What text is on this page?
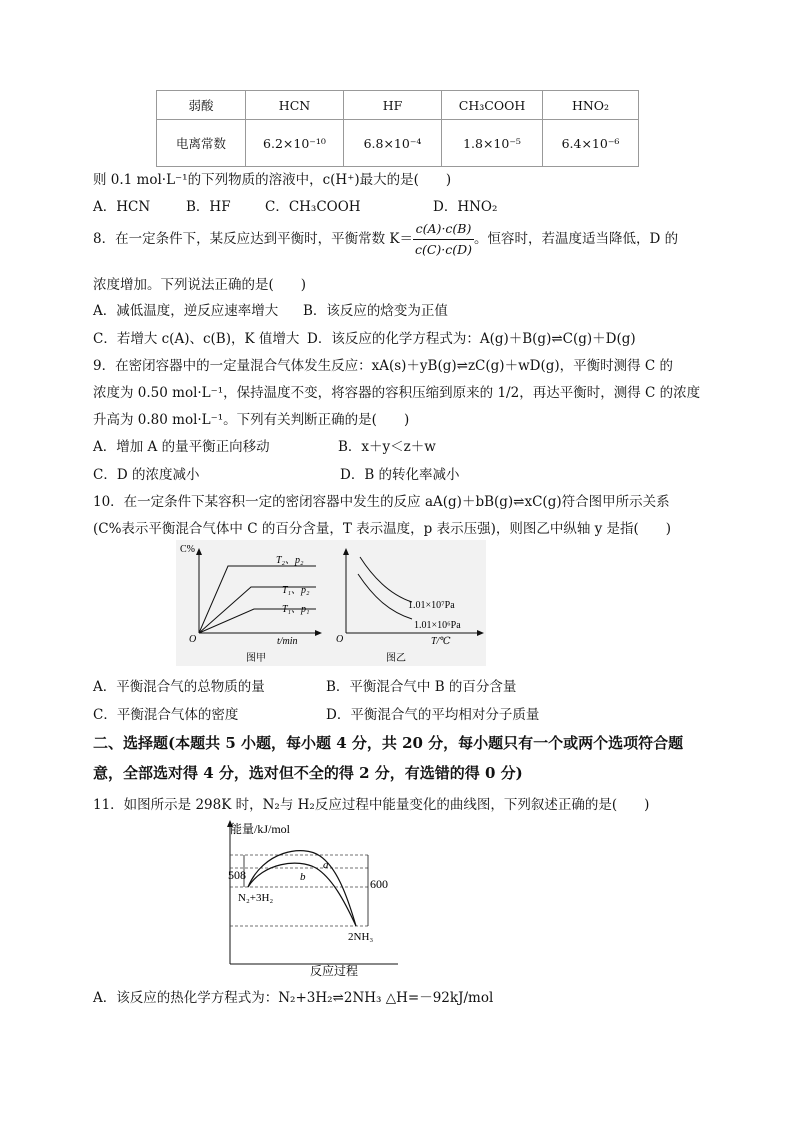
弱酸	HCN	HF	CH₃COOH	HNO₂
电离常数	6.2×10⁻¹⁰	6.8×10⁻⁴	1.8×10⁻⁵	6.4×10⁻⁶
则 0.1 mol·L⁻¹的下列物质的溶液中，c(H⁺)最大的是(　　)
A．HCN	B．HF	C．CH₃COOH	D．HNO₂
8．在一定条件下，某反应达到平衡时，平衡常数 $K= \frac{c(A)\cdot c(B)}{c(C)\cdot c(D)}$ 。恒容时，若温度适当降低，D 的
浓度增加。下列说法正确的是(　　)
A．减低温度，逆反应速率增大 B．该反应的焓变为正值
C．若增大 c(A)、c(B)，K 值增大 D．该反应的化学方程式为：A(g)＋B(g)⇌C(g)＋D(g)
9．在密闭容器中的一定量混合气体发生反应：xA(s)＋yB(g)⇌zC(g)＋wD(g)，平衡时测得 C 的
浓度为 0.50 mol·L⁻¹，保持温度不变，将容器的容积压缩到原来的 1/2，再达平衡时，测得 C 的浓度
升高为 0.80 mol·L⁻¹。下列有关判断正确的是(　　)
A．增加 A 的量平衡正向移动	B．x＋y＜z＋w
C．D 的浓度减小	D．B 的转化率减小
10．在一定条件下某容积一定的密闭容器中发生的反应 aA(g)＋bB(g)⇌xC(g)符合图甲所示关系
(C%表示平衡混合气体中 C 的百分含量，T 表示温度，p 表示压强)，则图乙中纵轴 y 是指(　　)
C%
T₂、p₂
T₁、p₂
T₁、p₁
O	t/min
图甲
1.01×10⁷Pa
1.01×10⁶Pa
O	T/℃
图乙
A．平衡混合气的总物质的量	B．平衡混合气中 B 的百分含量
C．平衡混合气体的密度	D．平衡混合气的平均相对分子质量
二、选择题(本题共 5 小题，每小题 4 分，共 20 分，每小题只有一个或两个选项符合题
意，全部选对得 4 分，选对但不全的得 2 分，有选错的得 0 分)
11．如图所示是 298K 时，N₂与 H₂反应过程中能量变化的曲线图，下列叙述正确的是(　　)
能量/kJ/mol
a
b
508
600
N₂+3H₂
2NH₃
反应过程
A．该反应的热化学方程式为：N₂+3H₂⇌2NH₃ △H=－92kJ/mol
